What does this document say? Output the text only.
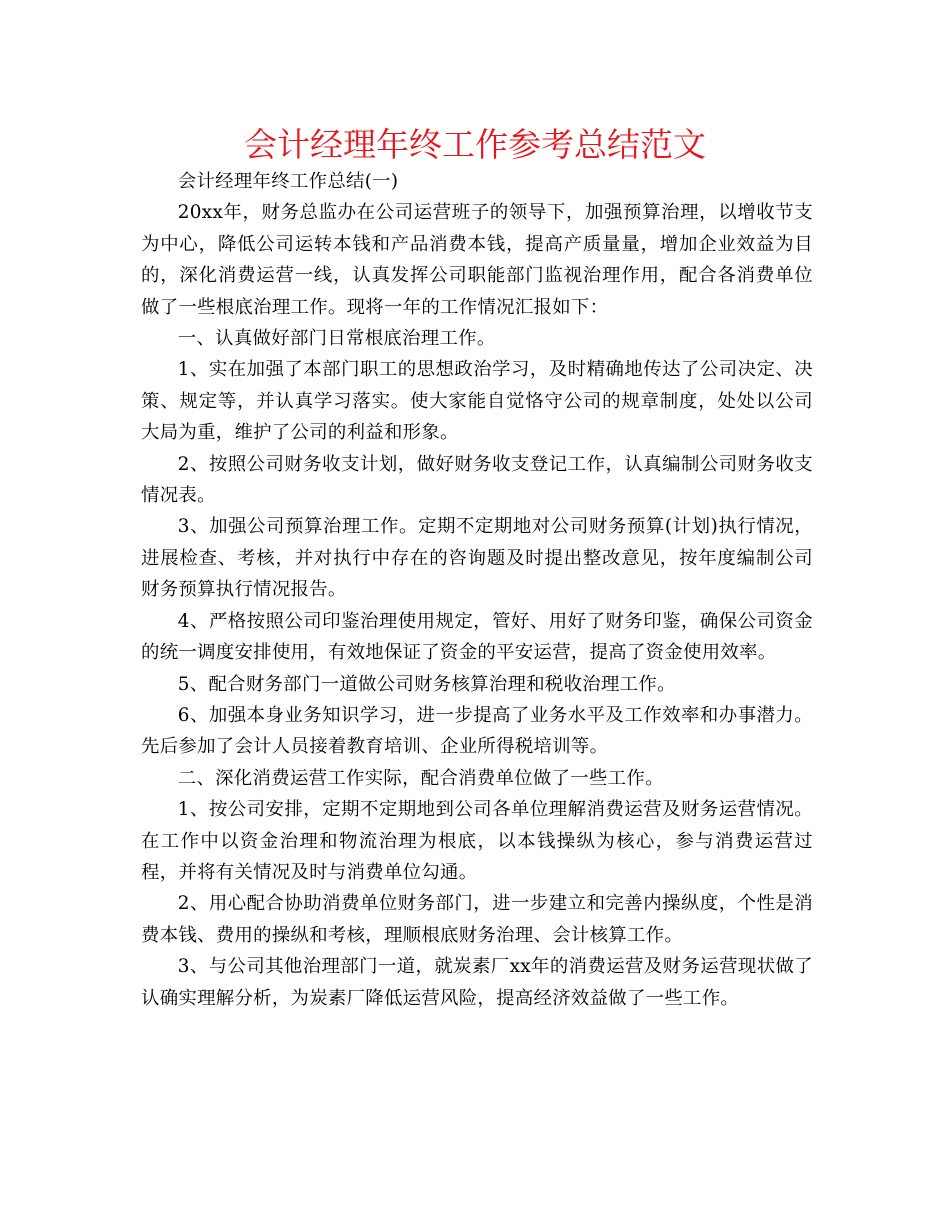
会计经理年终工作参考总结范文

会计经理年终工作总结(一)

20xx年，财务总监办在公司运营班子的领导下，加强预算治理，以增收节支为中心，降低公司运转本钱和产品消费本钱，提高产质量量，增加企业效益为目的，深化消费运营一线，认真发挥公司职能部门监视治理作用，配合各消费单位做了一些根底治理工作。现将一年的工作情况汇报如下：

一、认真做好部门日常根底治理工作。

1、实在加强了本部门职工的思想政治学习，及时精确地传达了公司决定、决策、规定等，并认真学习落实。使大家能自觉恪守公司的规章制度，处处以公司大局为重，维护了公司的利益和形象。

2、按照公司财务收支计划，做好财务收支登记工作，认真编制公司财务收支情况表。

3、加强公司预算治理工作。定期不定期地对公司财务预算(计划)执行情况，进展检查、考核，并对执行中存在的咨询题及时提出整改意见，按年度编制公司财务预算执行情况报告。

4、严格按照公司印鉴治理使用规定，管好、用好了财务印鉴，确保公司资金的统一调度安排使用，有效地保证了资金的平安运营，提高了资金使用效率。

5、配合财务部门一道做公司财务核算治理和税收治理工作。

6、加强本身业务知识学习，进一步提高了业务水平及工作效率和办事潜力。先后参加了会计人员接着教育培训、企业所得税培训等。

二、深化消费运营工作实际，配合消费单位做了一些工作。

1、按公司安排，定期不定期地到公司各单位理解消费运营及财务运营情况。在工作中以资金治理和物流治理为根底，以本钱操纵为核心，参与消费运营过程，并将有关情况及时与消费单位勾通。

2、用心配合协助消费单位财务部门，进一步建立和完善内操纵度，个性是消费本钱、费用的操纵和考核，理顺根底财务治理、会计核算工作。

3、与公司其他治理部门一道，就炭素厂xx年的消费运营及财务运营现状做了认确实理解分析，为炭素厂降低运营风险，提高经济效益做了一些工作。
